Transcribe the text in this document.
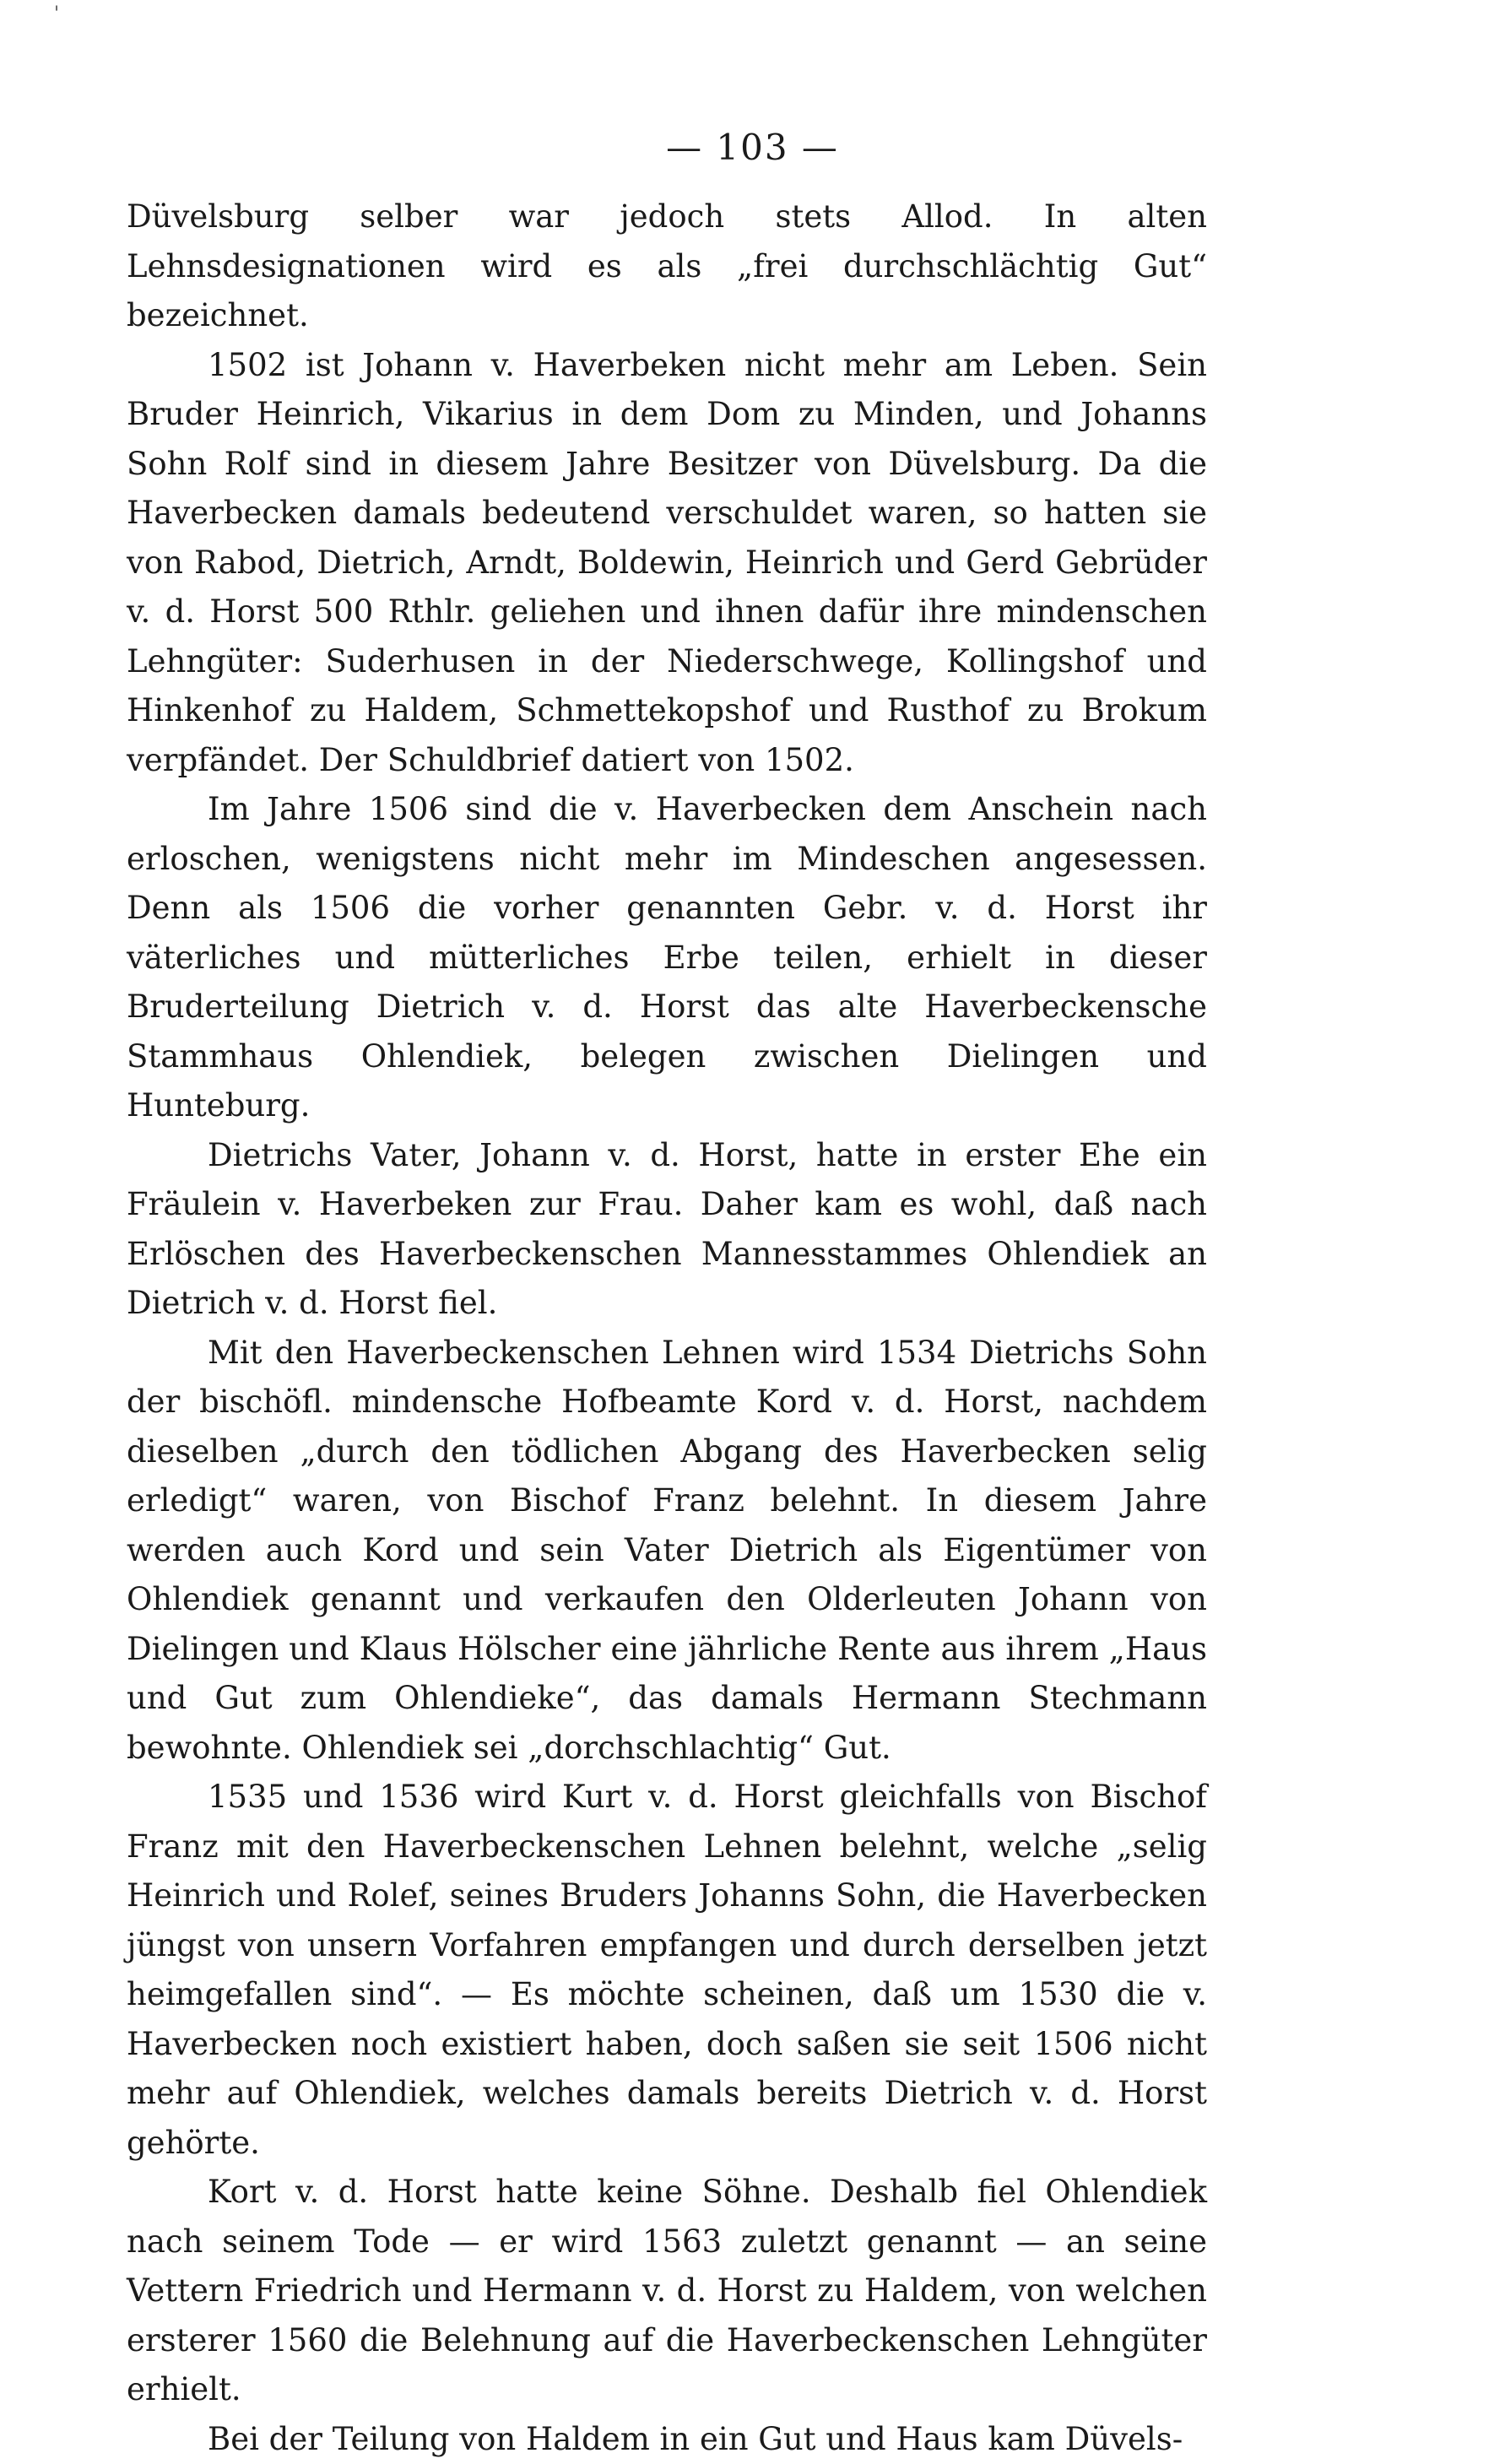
'
— 103 —

Düvelsburg selber war jedoch stets Allod. In alten Lehnsdesignationen wird es als „frei durchschlächtig Gut“ bezeichnet.

1502 ist Johann v. Haverbeken nicht mehr am Leben. Sein Bruder Heinrich, Vikarius in dem Dom zu Minden, und Johanns Sohn Rolf sind in diesem Jahre Besitzer von Düvelsburg. Da die Haverbecken damals bedeutend verschuldet waren, so hatten sie von Rabod, Dietrich, Arndt, Boldewin, Heinrich und Gerd Gebrüder v. d. Horst 500 Rthlr. geliehen und ihnen dafür ihre mindenschen Lehngüter: Suderhusen in der Niederschwege, Kollingshof und Hinkenhof zu Haldem, Schmettekopshof und Rusthof zu Brokum verpfändet. Der Schuldbrief datiert von 1502.

Im Jahre 1506 sind die v. Haverbecken dem Anschein nach erloschen, wenigstens nicht mehr im Mindeschen angesessen. Denn als 1506 die vorher genannten Gebr. v. d. Horst ihr väterliches und mütterliches Erbe teilen, erhielt in dieser Bruderteilung Dietrich v. d. Horst das alte Haverbeckensche Stammhaus Ohlendiek, belegen zwischen Dielingen und Hunteburg.

Dietrichs Vater, Johann v. d. Horst, hatte in erster Ehe ein Fräulein v. Haverbeken zur Frau. Daher kam es wohl, daß nach Erlöschen des Haverbeckenschen Mannesstammes Ohlendiek an Dietrich v. d. Horst fiel.

Mit den Haverbeckenschen Lehnen wird 1534 Dietrichs Sohn der bischöfl. mindensche Hofbeamte Kord v. d. Horst, nachdem dieselben „durch den tödlichen Abgang des Haverbecken selig erledigt“ waren, von Bischof Franz belehnt. In diesem Jahre werden auch Kord und sein Vater Dietrich als Eigentümer von Ohlendiek genannt und verkaufen den Olderleuten Johann von Dielingen und Klaus Hölscher eine jährliche Rente aus ihrem „Haus und Gut zum Ohlendieke“, das damals Hermann Stechmann bewohnte. Ohlendiek sei „dorchschlachtig“ Gut.

1535 und 1536 wird Kurt v. d. Horst gleichfalls von Bischof Franz mit den Haverbeckenschen Lehnen belehnt, welche „selig Heinrich und Rolef, seines Bruders Johanns Sohn, die Haverbecken jüngst von unsern Vorfahren empfangen und durch derselben jetzt heimgefallen sind“. — Es möchte scheinen, daß um 1530 die v. Haverbecken noch existiert haben, doch saßen sie seit 1506 nicht mehr auf Ohlendiek, welches damals bereits Dietrich v. d. Horst gehörte.

Kort v. d. Horst hatte keine Söhne. Deshalb fiel Ohlendiek nach seinem Tode — er wird 1563 zuletzt genannt — an seine Vettern Friedrich und Hermann v. d. Horst zu Haldem, von welchen ersterer 1560 die Belehnung auf die Haverbeckenschen Lehngüter erhielt.

Bei der Teilung von Haldem in ein Gut und Haus kam Düvels-
